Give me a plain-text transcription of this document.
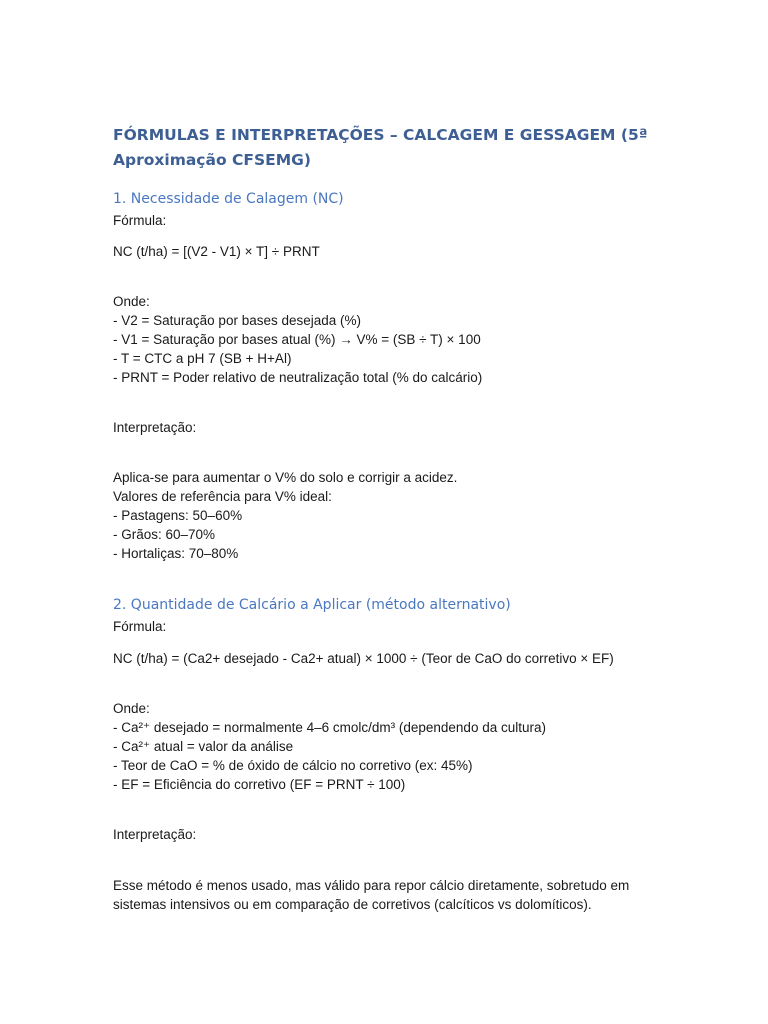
FÓRMULAS E INTERPRETAÇÕES – CALCAGEM E GESSAGEM (5ª Aproximação CFSEMG)
1. Necessidade de Calagem (NC)

Fórmula:

NC (t/ha) = [(V2 - V1) × T] ÷ PRNT

Onde:

- V2 = Saturação por bases desejada (%)

- V1 = Saturação por bases atual (%) → V% = (SB ÷ T) × 100

- T = CTC a pH 7 (SB + H+Al)

- PRNT = Poder relativo de neutralização total (% do calcário)

Interpretação:

Aplica-se para aumentar o V% do solo e corrigir a acidez.

Valores de referência para V% ideal:

- Pastagens: 50–60%

- Grãos: 60–70%

- Hortaliças: 70–80%

2. Quantidade de Calcário a Aplicar (método alternativo)

Fórmula:

NC (t/ha) = (Ca2+ desejado - Ca2+ atual) × 1000 ÷ (Teor de CaO do corretivo × EF)

Onde:

- Ca²⁺ desejado = normalmente 4–6 cmolc/dm³ (dependendo da cultura)

- Ca²⁺ atual = valor da análise

- Teor de CaO = % de óxido de cálcio no corretivo (ex: 45%)

- EF = Eficiência do corretivo (EF = PRNT ÷ 100)

Interpretação:

Esse método é menos usado, mas válido para repor cálcio diretamente, sobretudo em

sistemas intensivos ou em comparação de corretivos (calcíticos vs dolomíticos).
